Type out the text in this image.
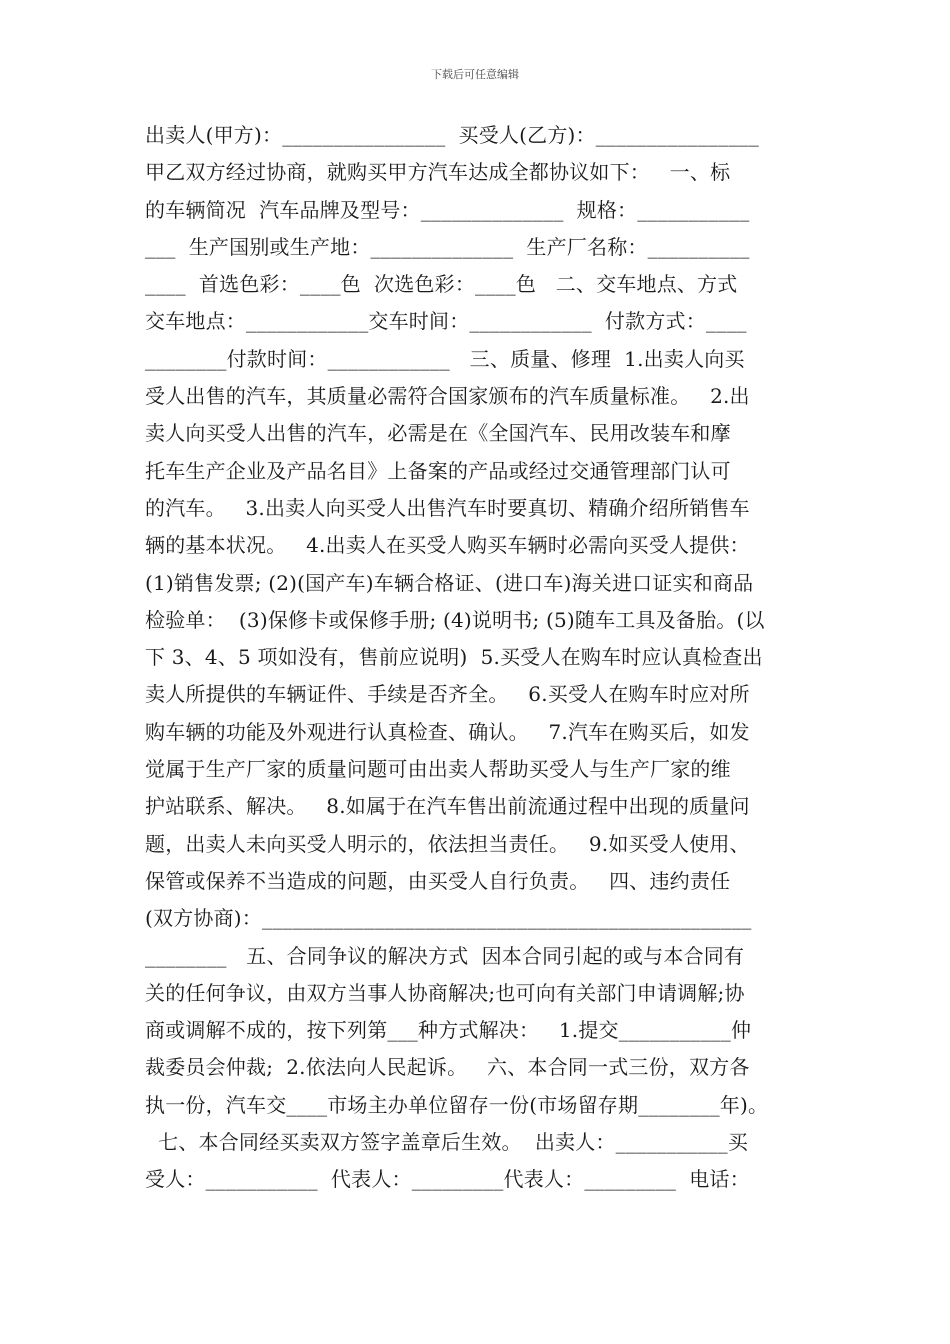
下载后可任意编辑
出卖人(甲方)：________________  买受人(乙方)：________________
甲乙双方经过协商，就购买甲方汽车达成全都协议如下：   一、标
的车辆简况  汽车品牌及型号：______________  规格：___________
___  生产国别或生产地：______________  生产厂名称：__________
____  首选色彩：____色  次选色彩：____色   二、交车地点、方式
交车地点：____________交车时间：____________  付款方式：____
________付款时间：____________   三、质量、修理  1.出卖人向买
受人出售的汽车，其质量必需符合国家颁布的汽车质量标准。   2.出
卖人向买受人出售的汽车，必需是在《全国汽车、民用改装车和摩
托车生产企业及产品名目》上备案的产品或经过交通管理部门认可
的汽车。   3.出卖人向买受人出售汽车时要真切、精确介绍所销售车
辆的基本状况。   4.出卖人在买受人购买车辆时必需向买受人提供：
(1)销售发票; (2)(国产车)车辆合格证、(进口车)海关进口证实和商品
检验单：  (3)保修卡或保修手册; (4)说明书; (5)随车工具及备胎。(以
下 3、4、5 项如没有，售前应说明)  5.买受人在购车时应认真检查出
卖人所提供的车辆证件、手续是否齐全。   6.买受人在购车时应对所
购车辆的功能及外观进行认真检查、确认。   7.汽车在购买后，如发
觉属于生产厂家的质量问题可由出卖人帮助买受人与生产厂家的维
护站联系、解决。   8.如属于在汽车售出前流通过程中出现的质量问
题，出卖人未向买受人明示的，依法担当责任。   9.如买受人使用、
保管或保养不当造成的问题，由买受人自行负责。   四、违约责任
(双方协商)：________________________________________________
________   五、合同争议的解决方式  因本合同引起的或与本合同有
关的任何争议，由双方当事人协商解决;也可向有关部门申请调解;协
商或调解不成的，按下列第___种方式解决：   1.提交___________仲
裁委员会仲裁;  2.依法向人民起诉。   六、本合同一式三份，双方各
执一份，汽车交____市场主办单位留存一份(市场留存期________年)。
七、本合同经买卖双方签字盖章后生效。  出卖人：___________买
受人：___________  代表人：_________代表人：_________  电话：
